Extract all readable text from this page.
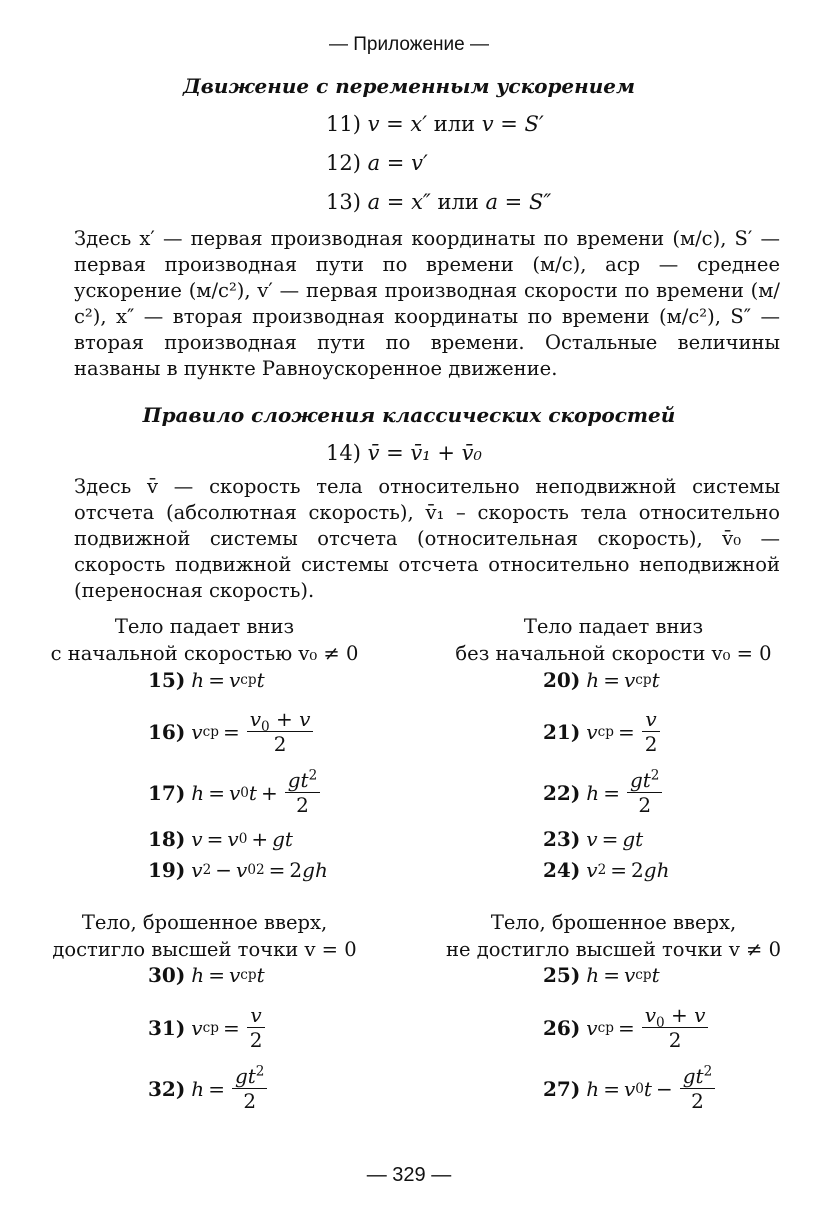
— Приложение —
Движение с переменным ускорением
11) v = x′ или v = S′
12) a = v′
13) a = x″ или a = S″
Здесь x′ — первая производная координаты по времени (м/с), S′ — первая производная пути по времени (м/с), aср — среднее ускорение (м/с²), v′ — первая производная скорости по времени (м/с²), x″ — вторая производная координаты по времени (м/с²), S″ — вторая производная пути по времени. Остальные величины названы в пункте Равноускоренное движение.
Правило сложения классических скоростей
14) v̄ = v̄₁ + v̄₀
Здесь v̄ — скорость тела относительно неподвижной системы отсчета (абсолютная скорость), v̄₁ – скорость тела относительно подвижной системы отсчета (относительная скорость), v̄₀ — скорость подвижной системы отсчета относительно неподвижной (переносная скорость).
Тело падает вниз
с начальной скоростью v₀ ≠ 0
15) h = v ср t
16) v ср = $\frac{v_0 + v}{2}$
17) h = v 0 $t + \frac{gt^2}{2}$
18) v = v 0 + gt
19) v 2 − v 0 2 = 2 gh
Тело падает вниз
без начальной скорости v₀ = 0
20) h = v ср t
21) v ср = $\frac{v}{2}$
22) $h = \frac{gt^2}{2}$
23) v = gt
24) v 2 = 2 gh
Тело, брошенное вверх,
достигло высшей точки v = 0
30) h = v ср t
31) v ср = $\frac{v}{2}$
32) $h = \frac{gt^2}{2}$
Тело, брошенное вверх,
не достигло высшей точки v ≠ 0
25) h = v ср t
26) v ср = $\frac{v_0 + v}{2}$
27) h = v 0 $t - \frac{gt^2}{2}$
— 329 —
